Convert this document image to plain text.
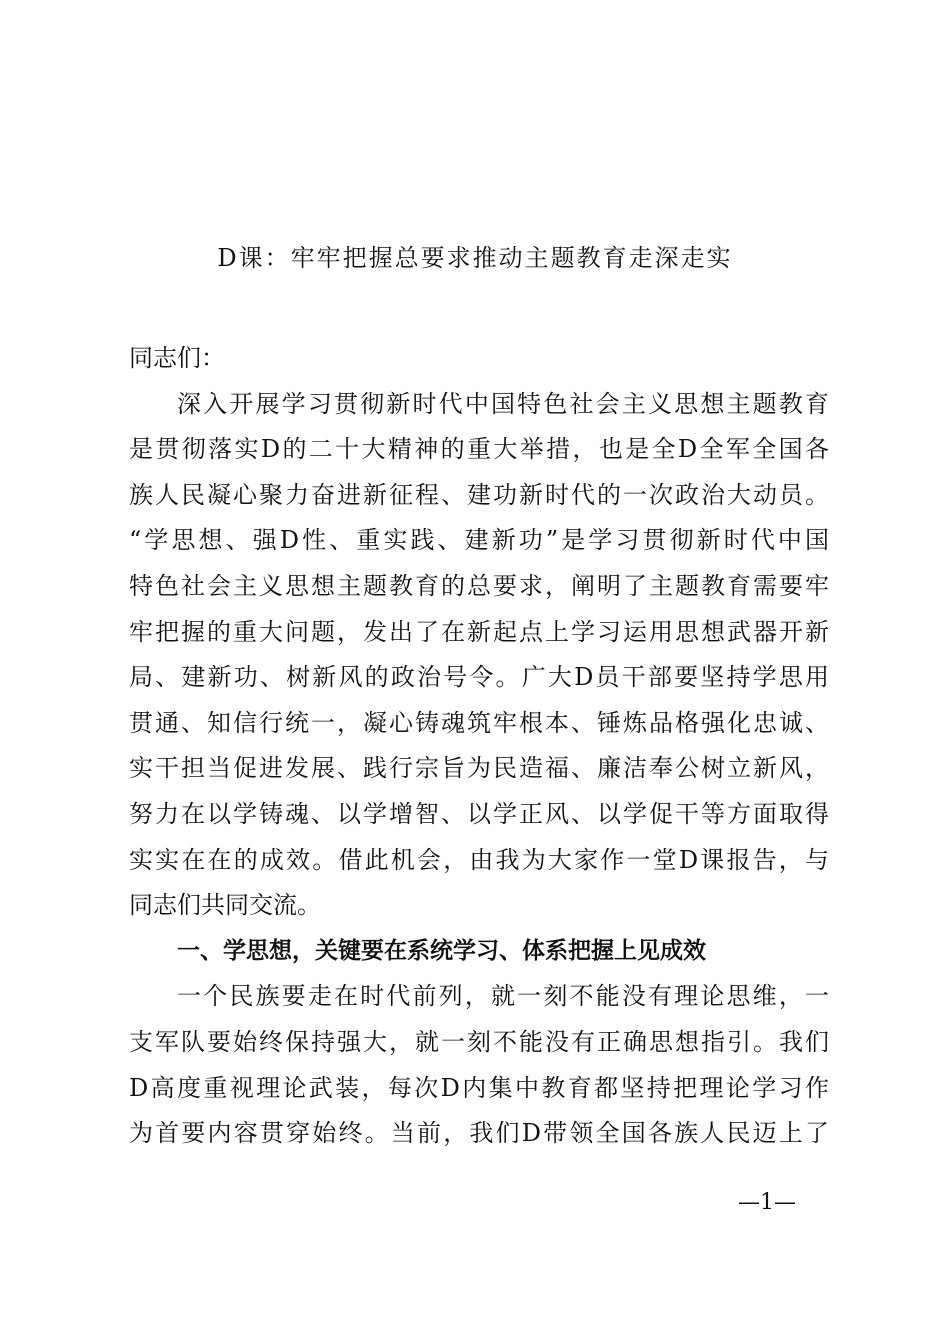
D课：牢牢把握总要求推动主题教育走深走实
同志们：
深入开展学习贯彻新时代中国特色社会主义思想主题教育
是贯彻落实D的二十大精神的重大举措，也是全D全军全国各
族人民凝心聚力奋进新征程、建功新时代的一次政治大动员。
“学思想、强D性、重实践、建新功”是学习贯彻新时代中国
特色社会主义思想主题教育的总要求，阐明了主题教育需要牢
牢把握的重大问题，发出了在新起点上学习运用思想武器开新
局、建新功、树新风的政治号令。广大D员干部要坚持学思用
贯通、知信行统一，凝心铸魂筑牢根本、锤炼品格强化忠诚、
实干担当促进发展、践行宗旨为民造福、廉洁奉公树立新风，
努力在以学铸魂、以学增智、以学正风、以学促干等方面取得
实实在在的成效。借此机会，由我为大家作一堂D课报告，与
同志们共同交流。
一、学思想，关键要在系统学习、体系把握上见成效
一个民族要走在时代前列，就一刻不能没有理论思维，一
支军队要始终保持强大，就一刻不能没有正确思想指引。我们
D高度重视理论武装，每次D内集中教育都坚持把理论学习作
为首要内容贯穿始终。当前，我们D带领全国各族人民迈上了
—1—
